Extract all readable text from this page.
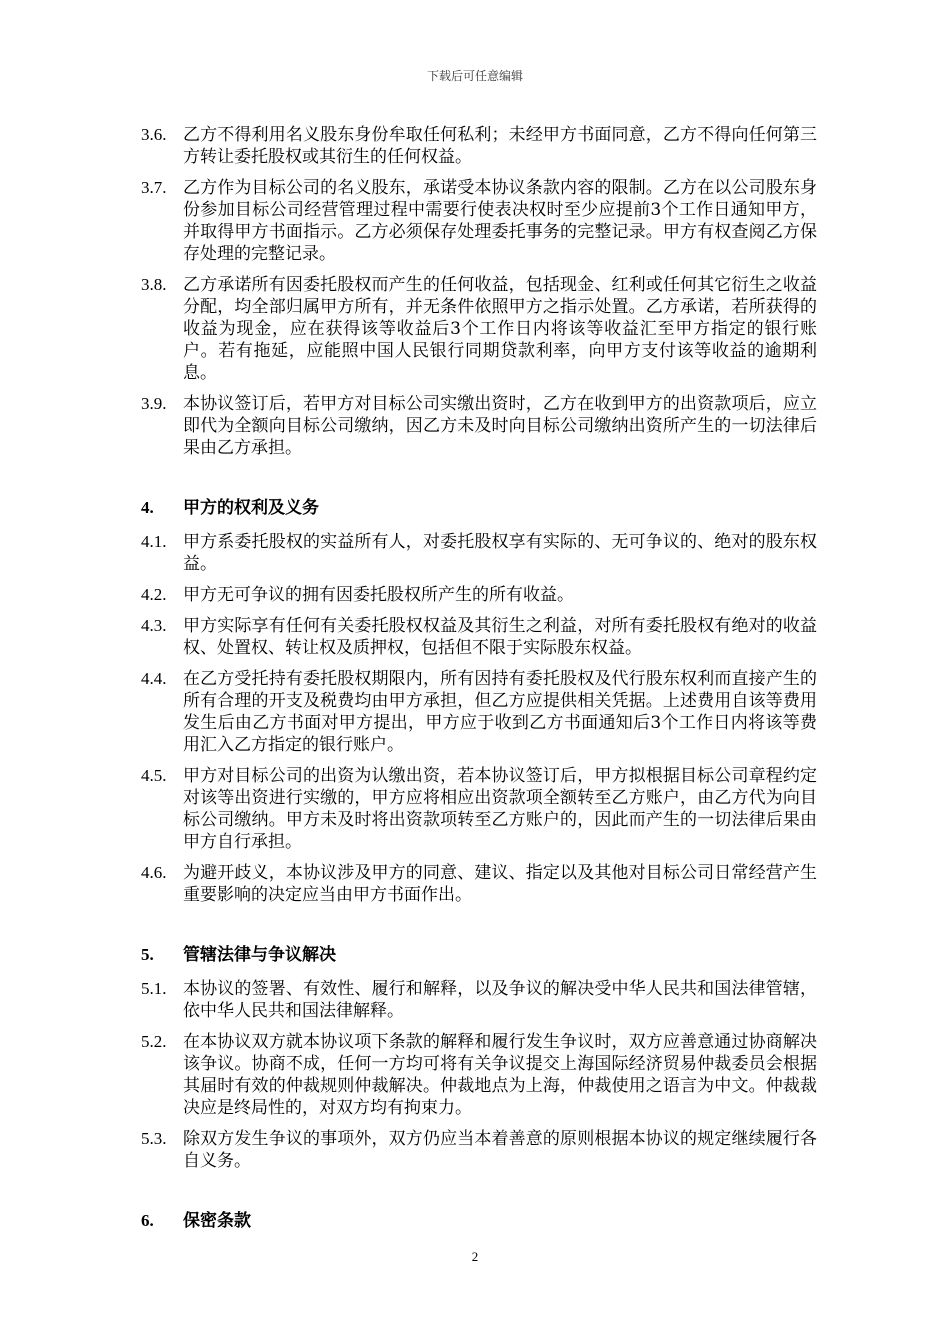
下载后可任意编辑
3.6. 乙方不得利用名义股东身份牟取任何私利；未经甲方书面同意，乙方不得向任何第三方转让委托股权或其衍生的任何权益。
3.7. 乙方作为目标公司的名义股东，承诺受本协议条款内容的限制。乙方在以公司股东身份参加目标公司经营管理过程中需要行使表决权时至少应提前3个工作日通知甲方，并取得甲方书面指示。乙方必须保存处理委托事务的完整记录。甲方有权查阅乙方保存处理的完整记录。
3.8. 乙方承诺所有因委托股权而产生的任何收益，包括现金、红利或任何其它衍生之收益分配，均全部归属甲方所有，并无条件依照甲方之指示处置。乙方承诺，若所获得的收益为现金，应在获得该等收益后3个工作日内将该等收益汇至甲方指定的银行账户。若有拖延，应能照中国人民银行同期贷款利率，向甲方支付该等收益的逾期利息。
3.9. 本协议签订后，若甲方对目标公司实缴出资时，乙方在收到甲方的出资款项后，应立即代为全额向目标公司缴纳，因乙方未及时向目标公司缴纳出资所产生的一切法律后果由乙方承担。
4.	甲方的权利及义务
4.1. 甲方系委托股权的实益所有人，对委托股权享有实际的、无可争议的、绝对的股东权益。
4.2. 甲方无可争议的拥有因委托股权所产生的所有收益。
4.3. 甲方实际享有任何有关委托股权权益及其衍生之利益，对所有委托股权有绝对的收益权、处置权、转让权及质押权，包括但不限于实际股东权益。
4.4. 在乙方受托持有委托股权期限内，所有因持有委托股权及代行股东权利而直接产生的所有合理的开支及税费均由甲方承担，但乙方应提供相关凭据。上述费用自该等费用发生后由乙方书面对甲方提出，甲方应于收到乙方书面通知后3个工作日内将该等费用汇入乙方指定的银行账户。
4.5. 甲方对目标公司的出资为认缴出资，若本协议签订后，甲方拟根据目标公司章程约定对该等出资进行实缴的，甲方应将相应出资款项全额转至乙方账户，由乙方代为向目标公司缴纳。甲方未及时将出资款项转至乙方账户的，因此而产生的一切法律后果由甲方自行承担。
4.6. 为避开歧义，本协议涉及甲方的同意、建议、指定以及其他对目标公司日常经营产生重要影响的决定应当由甲方书面作出。
5.	管辖法律与争议解决
5.1. 本协议的签署、有效性、履行和解释，以及争议的解决受中华人民共和国法律管辖，依中华人民共和国法律解释。
5.2. 在本协议双方就本协议项下条款的解释和履行发生争议时，双方应善意通过协商解决该争议。协商不成，任何一方均可将有关争议提交上海国际经济贸易仲裁委员会根据其届时有效的仲裁规则仲裁解决。仲裁地点为上海，仲裁使用之语言为中文。仲裁裁决应是终局性的，对双方均有拘束力。
5.3. 除双方发生争议的事项外，双方仍应当本着善意的原则根据本协议的规定继续履行各自义务。
6.	保密条款
2
